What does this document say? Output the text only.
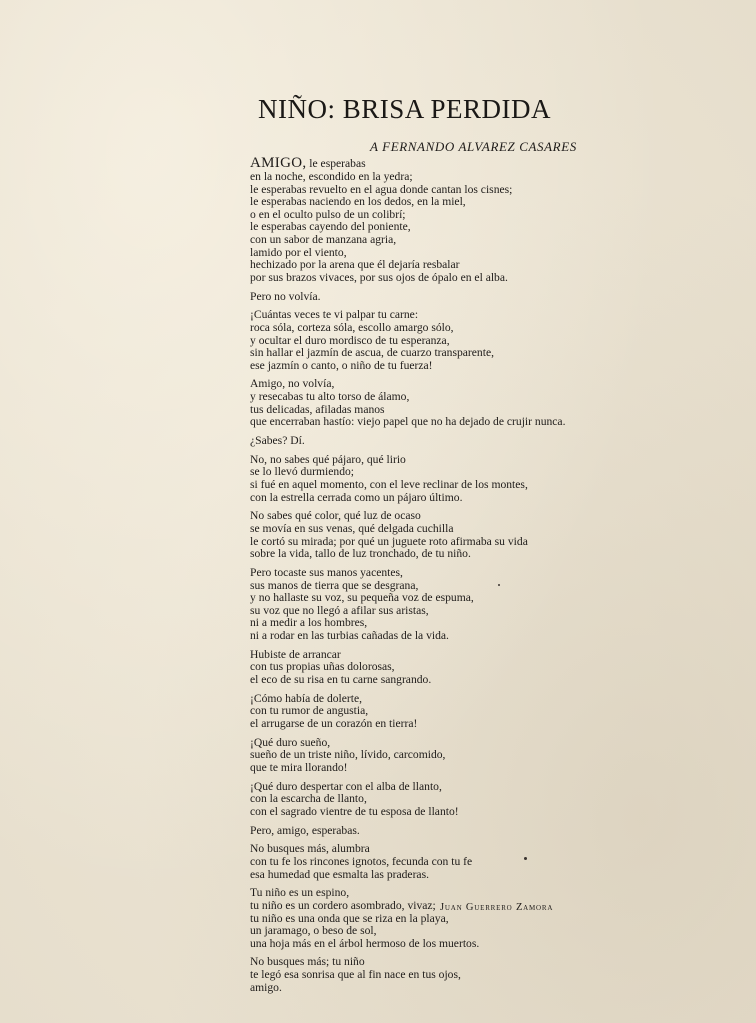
NIÑO: BRISA PERDIDA

A FERNANDO ALVAREZ CASARES

AMIGO, le esperabas
en la noche, escondido en la yedra;
le esperabas revuelto en el agua donde cantan los cisnes;
le esperabas naciendo en los dedos, en la miel,
o en el oculto pulso de un colibrí;
le esperabas cayendo del poniente,
con un sabor de manzana agria,
lamido por el viento,
hechizado por la arena que él dejaría resbalar
por sus brazos vivaces, por sus ojos de ópalo en el alba.
Pero no volvía.
¡Cuántas veces te vi palpar tu carne:
roca sóla, corteza sóla, escollo amargo sólo,
y ocultar el duro mordisco de tu esperanza,
sin hallar el jazmín de ascua, de cuarzo transparente,
ese jazmín o canto, o niño de tu fuerza!
Amigo, no volvía,
y resecabas tu alto torso de álamo,
tus delicadas, afiladas manos
que encerraban hastío: viejo papel que no ha dejado de crujir nunca.
¿Sabes? Dí.
No, no sabes qué pájaro, qué lirio
se lo llevó durmiendo;
si fué en aquel momento, con el leve reclinar de los montes,
con la estrella cerrada como un pájaro último.
No sabes qué color, qué luz de ocaso
se movía en sus venas, qué delgada cuchilla
le cortó su mirada; por qué un juguete roto afirmaba su vida
sobre la vida, tallo de luz tronchado, de tu niño.
Pero tocaste sus manos yacentes,
sus manos de tierra que se desgrana,
y no hallaste su voz, su pequeña voz de espuma,
su voz que no llegó a afilar sus aristas,
ni a medir a los hombres,
ni a rodar en las turbias cañadas de la vida.
Hubiste de arrancar
con tus propias uñas dolorosas,
el eco de su risa en tu carne sangrando.
¡Cómo había de dolerte,
con tu rumor de angustia,
el arrugarse de un corazón en tierra!
¡Qué duro sueño,
sueño de un triste niño, lívido, carcomido,
que te mira llorando!
¡Qué duro despertar con el alba de llanto,
con la escarcha de llanto,
con el sagrado vientre de tu esposa de llanto!
Pero, amigo, esperabas.
No busques más, alumbra
con tu fe los rincones ignotos, fecunda con tu fe
esa humedad que esmalta las praderas.
Tu niño es un espino,
tu niño es un cordero asombrado, vivaz;
tu niño es una onda que se riza en la playa,
un jaramago, o beso de sol,
una hoja más en el árbol hermoso de los muertos.
No busques más; tu niño
te legó esa sonrisa que al fin nace en tus ojos,
amigo.

Juan Guerrero Zamora
